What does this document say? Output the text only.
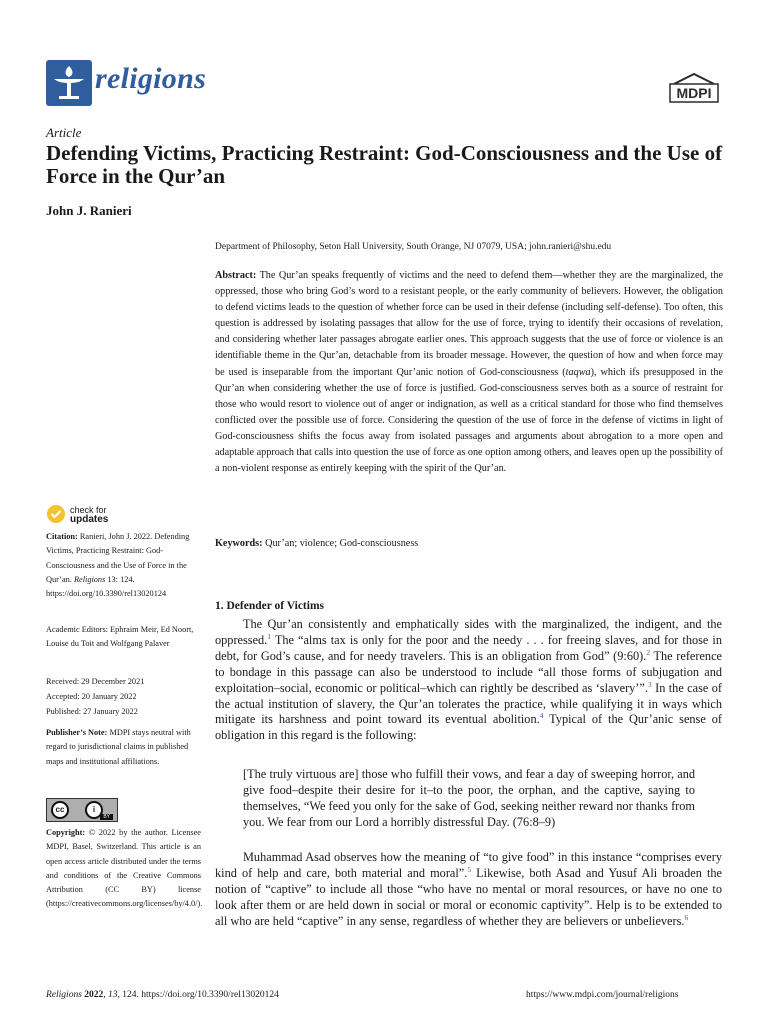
religions	MDPI
Article
Defending Victims, Practicing Restraint: God-Consciousness and the Use of Force in the Qur’an
John J. Ranieri
Department of Philosophy, Seton Hall University, South Orange, NJ 07079, USA; john.ranieri@shu.edu
Abstract: The Qur’an speaks frequently of victims and the need to defend them—whether they are the marginalized, the oppressed, those who bring God’s word to a resistant people, or the early community of believers. However, the obligation to defend victims leads to the question of whether force can be used in their defense (including self-defense). Too often, this question is addressed by isolating passages that allow for the use of force, trying to identify their occasions of revelation, and considering whether later passages abrogate earlier ones. This approach suggests that the use of force or violence is an identifiable theme in the Qur’an, detachable from its broader message. However, the question of how and when force may be used is inseparable from the important Qur’anic notion of God-consciousness (taqwa), which ifs presupposed in the Qur’an when considering whether the use of force is justified. God-consciousness serves both as a source of restraint for those who would resort to violence out of anger or indignation, as well as a critical standard for those who find themselves conflicted over the possible use of force. Considering the question of the use of force in the defense of victims in light of God-consciousness shifts the focus away from isolated passages and arguments about abrogation to a more open and adaptable approach that calls into question the use of force as one option among others, and leaves open up the possibility of a non-violent response as entirely keeping with the spirit of the Qur’an.
Keywords: Qur’an; violence; God-consciousness
check for
updates
Citation: Ranieri, John J. 2022. Defending Victims, Practicing Restraint: God-Consciousness and the Use of Force in the Qur’an. Religions 13: 124. https://doi.org/10.3390/rel13020124
Academic Editors: Ephraim Meir, Ed Noort, Louise du Toit and Wolfgang Palaver
Received: 29 December 2021
Accepted: 20 January 2022
Published: 27 January 2022
Publisher’s Note: MDPI stays neutral with regard to jurisdictional claims in published maps and institutional affiliations.
cc	i
BY
Copyright: © 2022 by the author. Licensee MDPI, Basel, Switzerland. This article is an open access article distributed under the terms and conditions of the Creative Commons Attribution (CC BY) license (https://creativecommons.org/licenses/by/4.0/).
1. Defender of Victims
The Qur’an consistently and emphatically sides with the marginalized, the indigent, and the oppressed.$^1$ The “alms tax is only for the poor and the needy . . . for freeing slaves, and for those in debt, for God’s cause, and for needy travelers. This is an obligation from God” (9:60).$^2$ The reference to bondage in this passage can also be understood to include “all those forms of subjugation and exploitation–social, economic or political–which can rightly be described as ‘slavery’”.$^3$ In the case of the actual institution of slavery, the Qur’an tolerates the practice, while qualifying it in ways which mitigate its harshness and point toward its eventual abolition.$^4$ Typical of the Qur’anic sense of obligation in this regard is the following:
[The truly virtuous are] those who fulfill their vows, and fear a day of sweeping horror, and give food–despite their desire for it–to the poor, the orphan, and the captive, saying to themselves, “We feed you only for the sake of God, seeking neither reward nor thanks from you. We fear from our Lord a horribly distressful Day. (76:8–9)
Muhammad Asad observes how the meaning of “to give food” in this instance “comprises every kind of help and care, both material and moral”.$^5$ Likewise, both Asad and Yusuf Ali broaden the notion of “captive” to include all those “who have no mental or moral resources, or have no one to look after them or are held down in social or moral or economic captivity”. Help is to be extended to all who are held “captive” in any sense, regardless of whether they are believers or unbelievers.$^6$
Religions 2022, 13, 124. https://doi.org/10.3390/rel13020124	https://www.mdpi.com/journal/religions
